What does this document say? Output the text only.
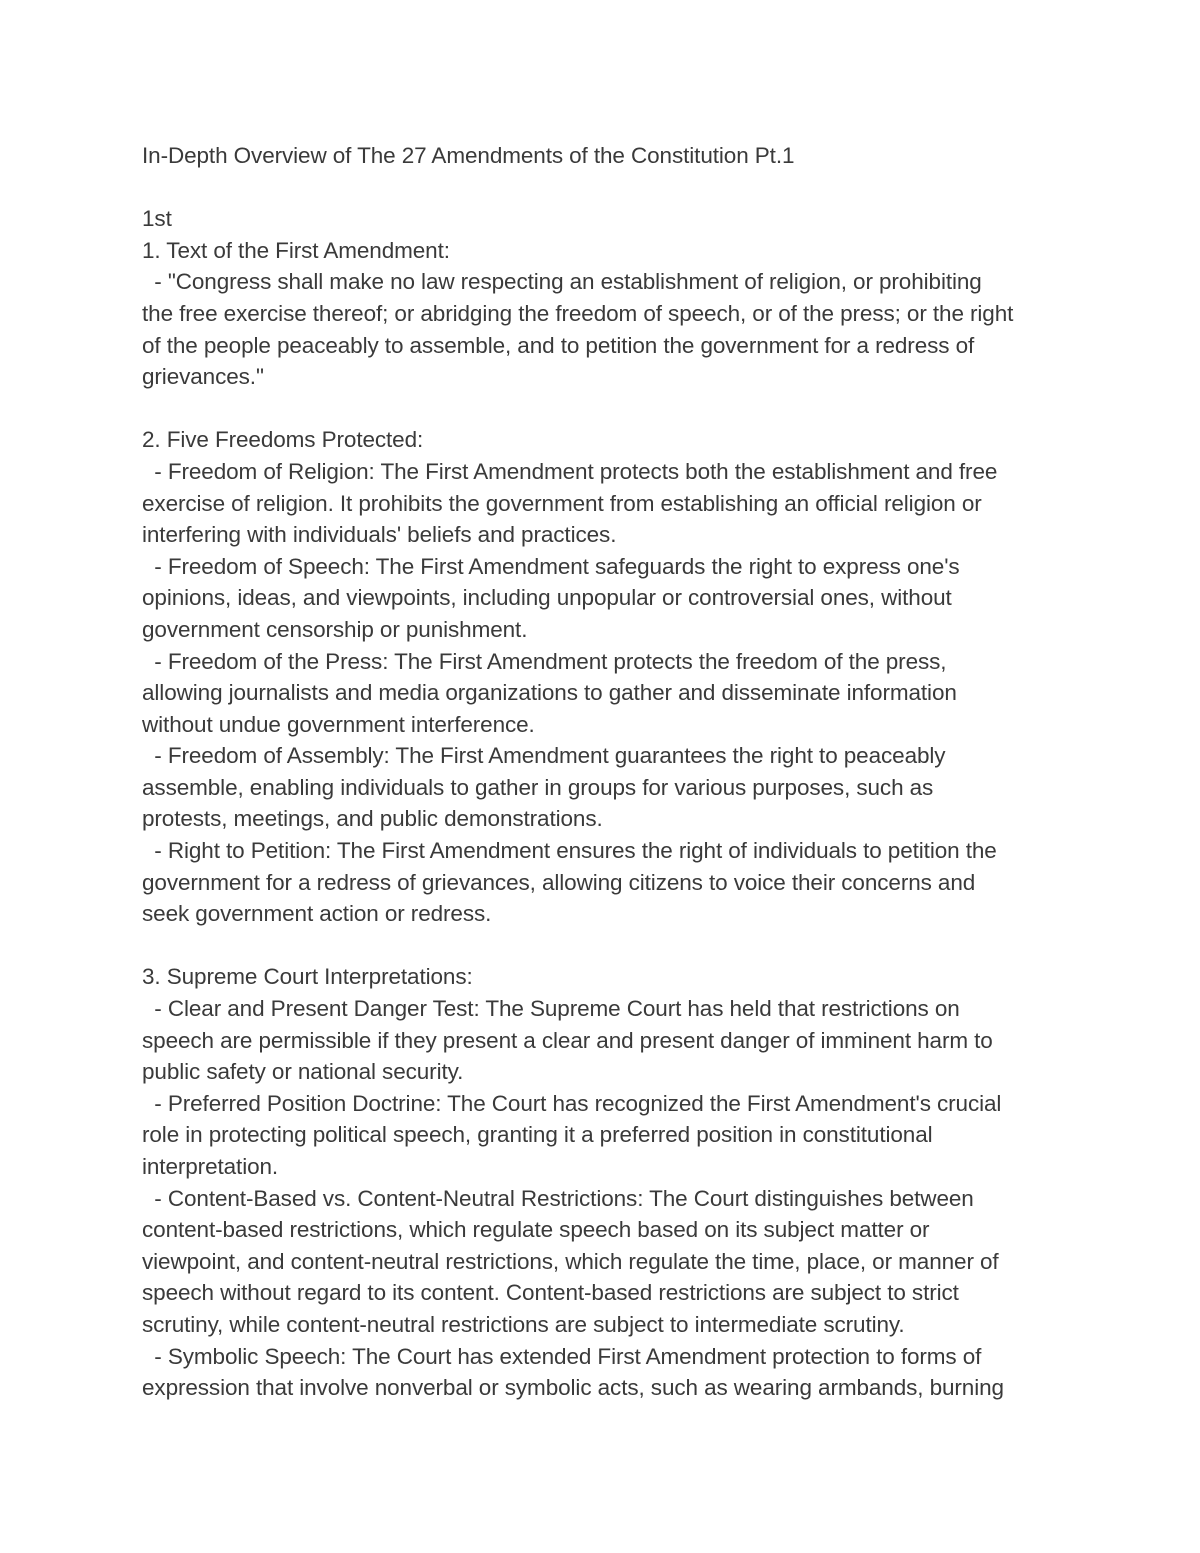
In-Depth Overview of The 27 Amendments of the Constitution Pt.1
1st
1. Text of the First Amendment:
- "Congress shall make no law respecting an establishment of religion, or prohibiting
the free exercise thereof; or abridging the freedom of speech, or of the press; or the right
of the people peaceably to assemble, and to petition the government for a redress of
grievances."
2. Five Freedoms Protected:
- Freedom of Religion: The First Amendment protects both the establishment and free
exercise of religion. It prohibits the government from establishing an official religion or
interfering with individuals' beliefs and practices.
- Freedom of Speech: The First Amendment safeguards the right to express one's
opinions, ideas, and viewpoints, including unpopular or controversial ones, without
government censorship or punishment.
- Freedom of the Press: The First Amendment protects the freedom of the press,
allowing journalists and media organizations to gather and disseminate information
without undue government interference.
- Freedom of Assembly: The First Amendment guarantees the right to peaceably
assemble, enabling individuals to gather in groups for various purposes, such as
protests, meetings, and public demonstrations.
- Right to Petition: The First Amendment ensures the right of individuals to petition the
government for a redress of grievances, allowing citizens to voice their concerns and
seek government action or redress.
3. Supreme Court Interpretations:
- Clear and Present Danger Test: The Supreme Court has held that restrictions on
speech are permissible if they present a clear and present danger of imminent harm to
public safety or national security.
- Preferred Position Doctrine: The Court has recognized the First Amendment's crucial
role in protecting political speech, granting it a preferred position in constitutional
interpretation.
- Content-Based vs. Content-Neutral Restrictions: The Court distinguishes between
content-based restrictions, which regulate speech based on its subject matter or
viewpoint, and content-neutral restrictions, which regulate the time, place, or manner of
speech without regard to its content. Content-based restrictions are subject to strict
scrutiny, while content-neutral restrictions are subject to intermediate scrutiny.
- Symbolic Speech: The Court has extended First Amendment protection to forms of
expression that involve nonverbal or symbolic acts, such as wearing armbands, burning
